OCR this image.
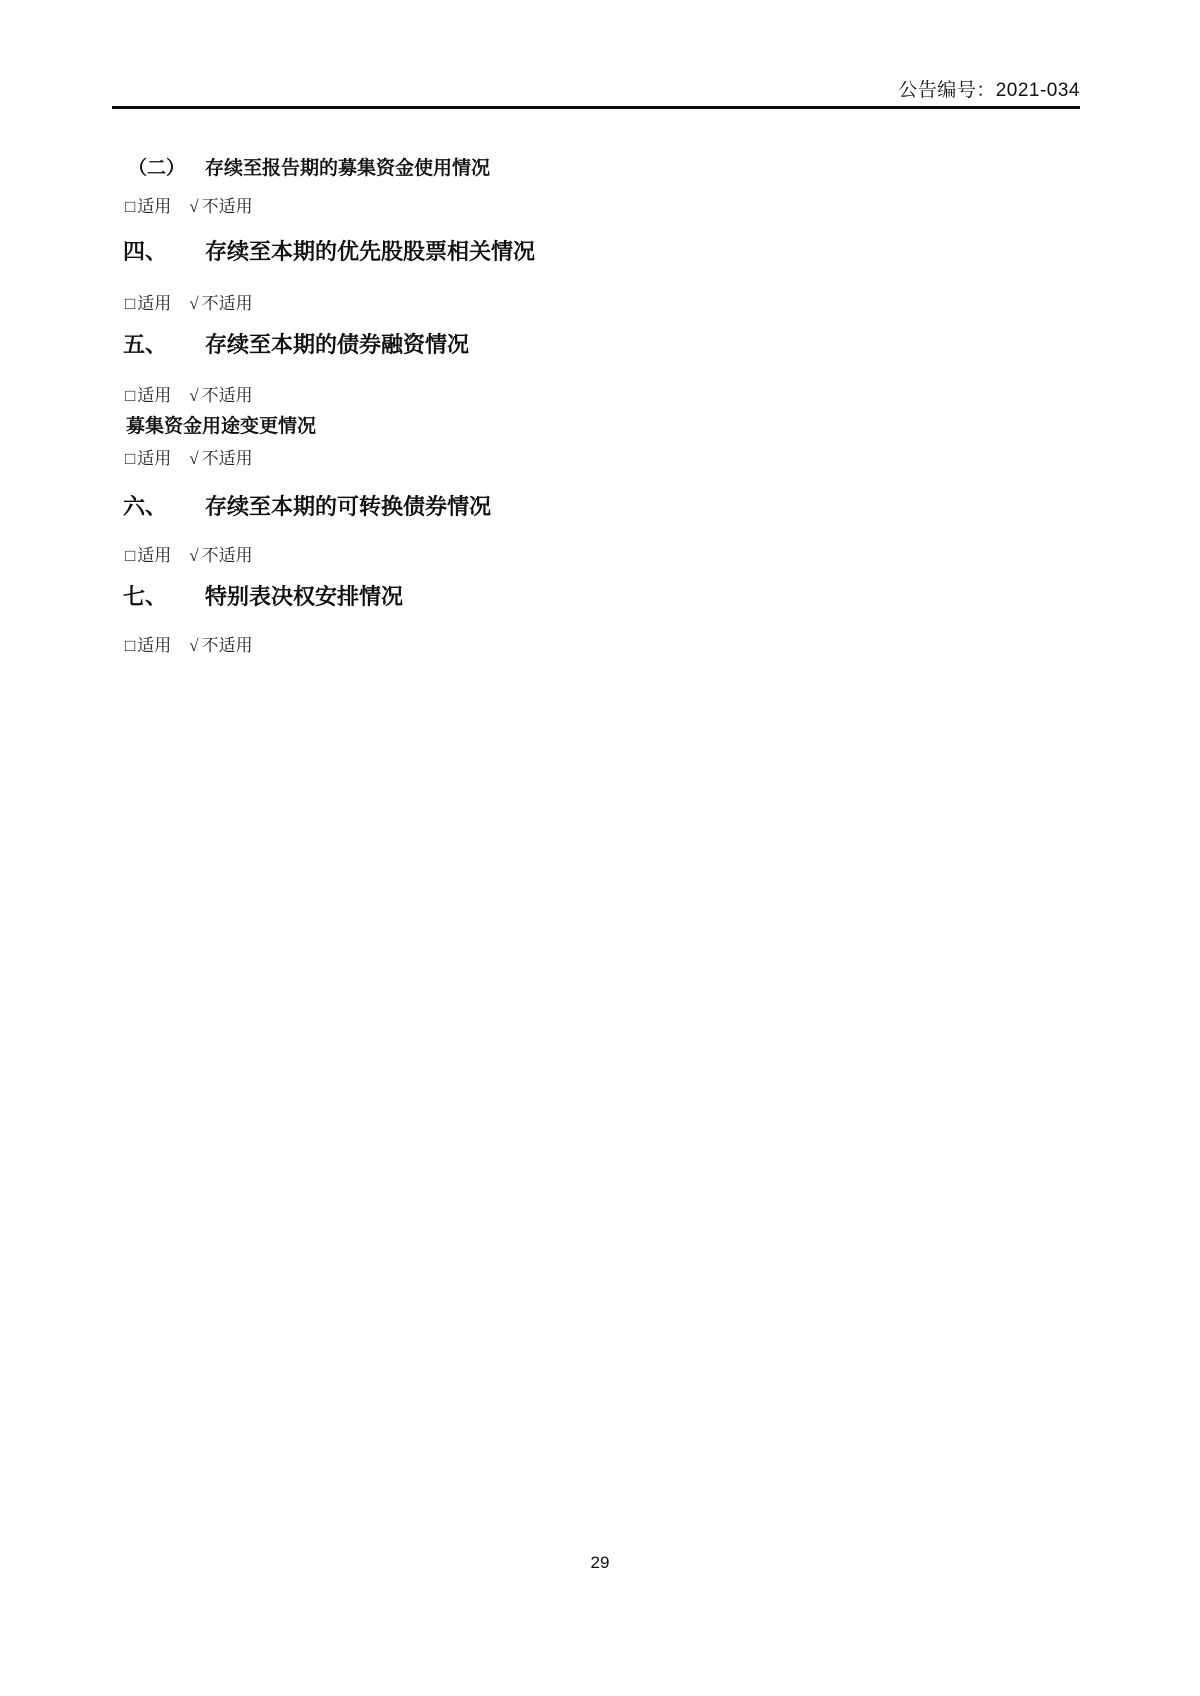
公告编号：2021-034
（二） 存续至报告期的募集资金使用情况
□ 适用 √ 不适用
四、 存续至本期的优先股股票相关情况
□ 适用 √ 不适用
五、 存续至本期的债券融资情况
□ 适用 √ 不适用
募集资金用途变更情况
□ 适用 √ 不适用
六、 存续至本期的可转换债券情况
□ 适用 √ 不适用
七、 特别表决权安排情况
□ 适用 √ 不适用
29
